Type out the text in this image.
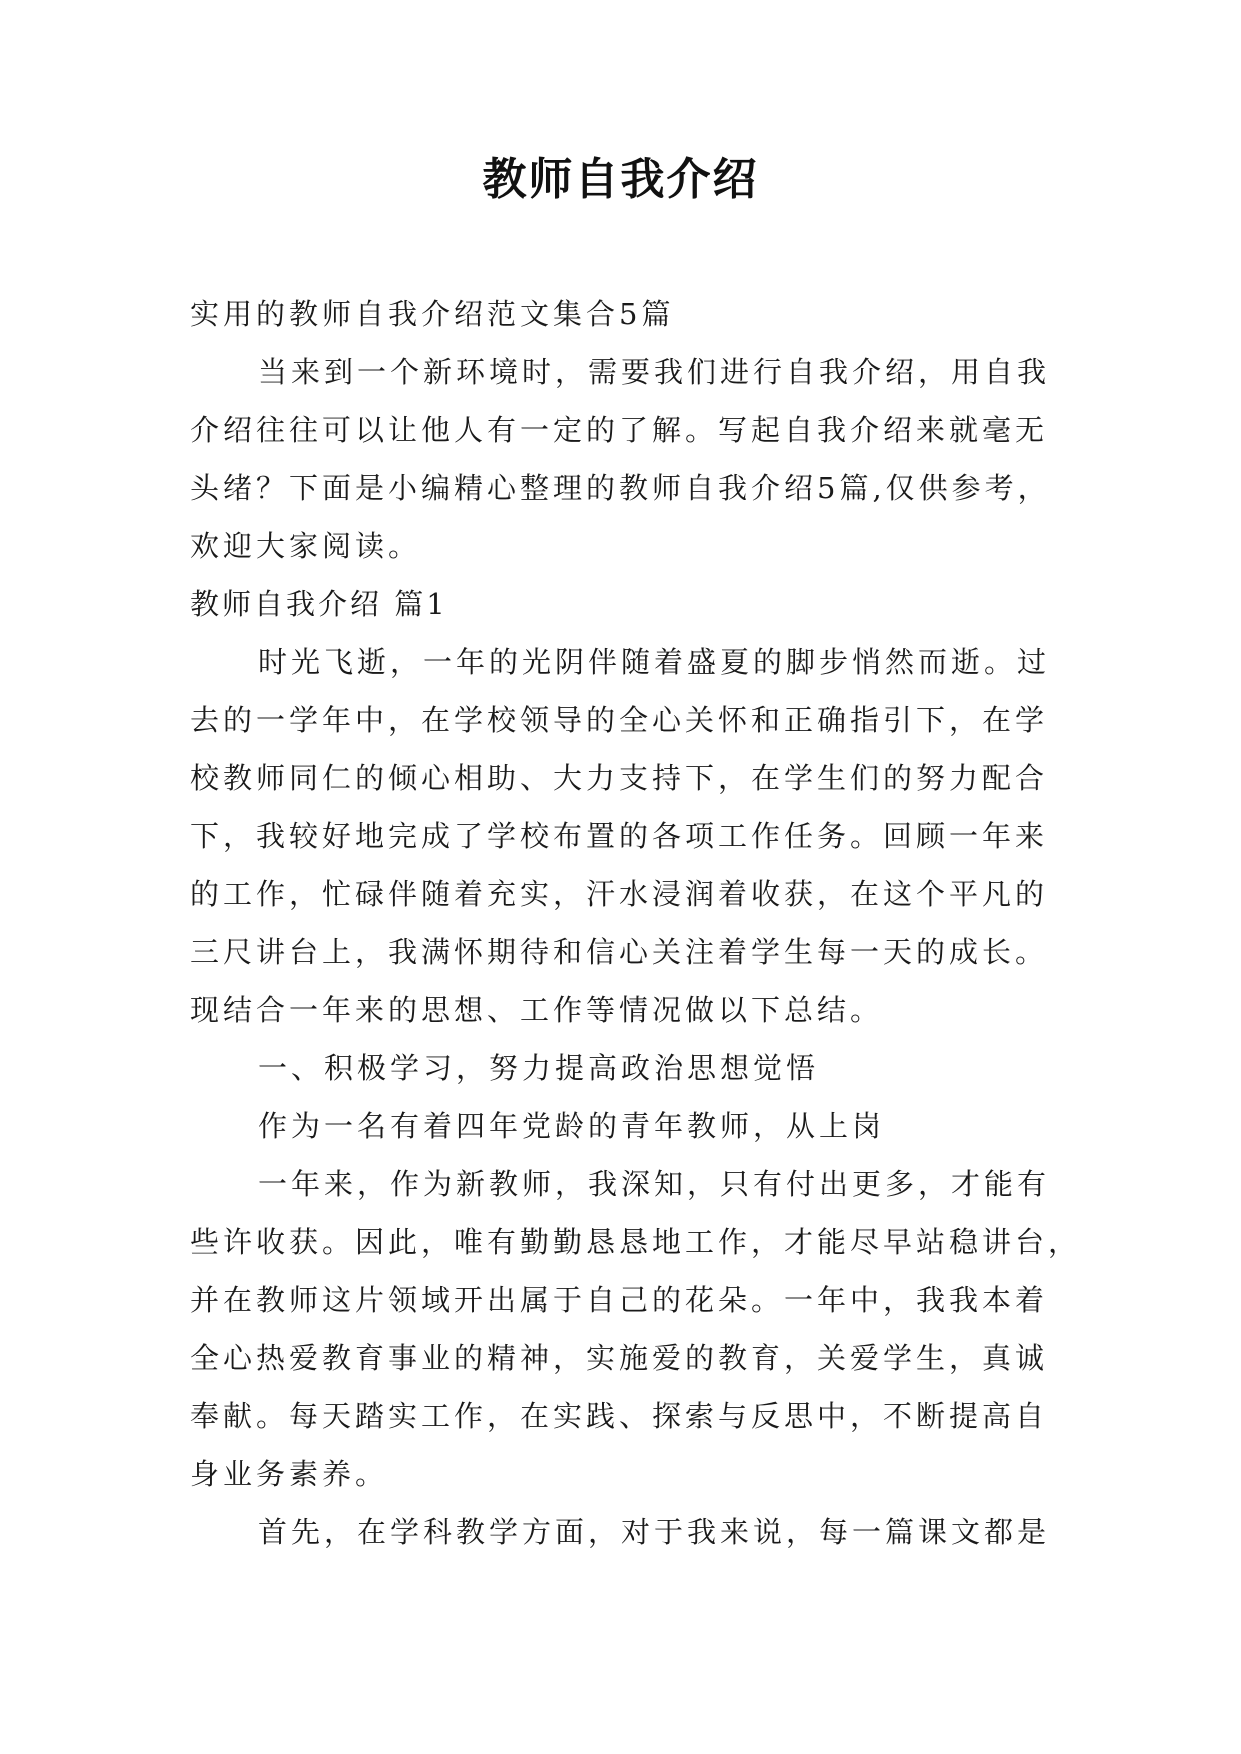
教师自我介绍
实用的教师自我介绍范文集合5篇
当来到一个新环境时，需要我们进行自我介绍，用自我
介绍往往可以让他人有一定的了解。写起自我介绍来就毫无
头绪？下面是小编精心整理的教师自我介绍5篇,仅供参考，
欢迎大家阅读。
教师自我介绍 篇1
时光飞逝，一年的光阴伴随着盛夏的脚步悄然而逝。过
去的一学年中，在学校领导的全心关怀和正确指引下，在学
校教师同仁的倾心相助、大力支持下，在学生们的努力配合
下，我较好地完成了学校布置的各项工作任务。回顾一年来
的工作，忙碌伴随着充实，汗水浸润着收获，在这个平凡的
三尺讲台上，我满怀期待和信心关注着学生每一天的成长。
现结合一年来的思想、工作等情况做以下总结。
一、积极学习，努力提高政治思想觉悟
作为一名有着四年党龄的青年教师，从上岗
一年来，作为新教师，我深知，只有付出更多，才能有
些许收获。因此，唯有勤勤恳恳地工作，才能尽早站稳讲台，
并在教师这片领域开出属于自己的花朵。一年中，我我本着
全心热爱教育事业的精神，实施爱的教育，关爱学生，真诚
奉献。每天踏实工作，在实践、探索与反思中，不断提高自
身业务素养。
首先，在学科教学方面，对于我来说，每一篇课文都是
